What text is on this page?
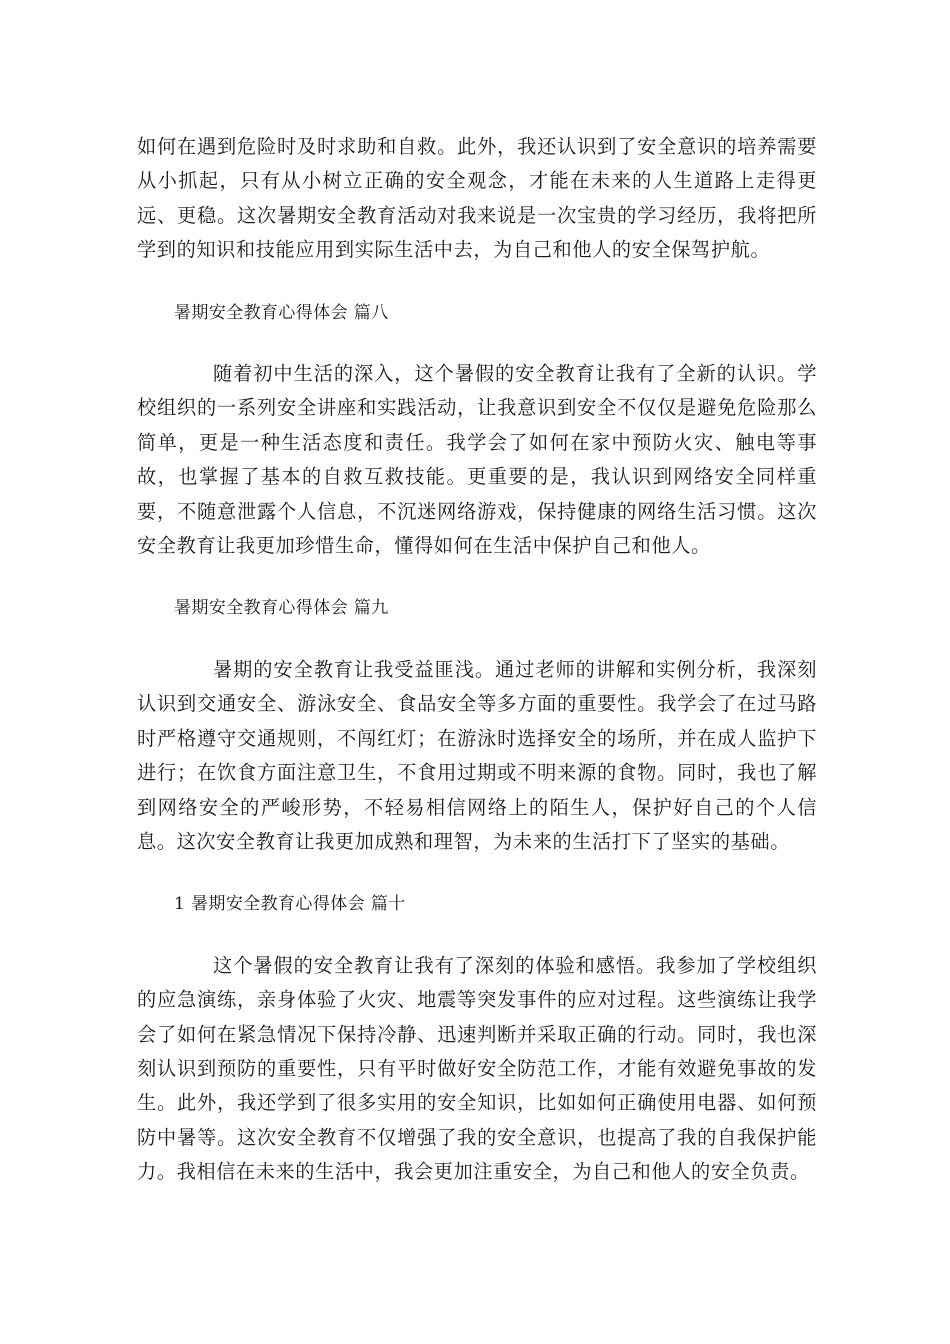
如何在遇到危险时及时求助和自救。此外，我还认识到了安全意识的培养需要从小抓起，只有从小树立正确的安全观念，才能在未来的人生道路上走得更远、更稳。这次暑期安全教育活动对我来说是一次宝贵的学习经历，我将把所学到的知识和技能应用到实际生活中去，为自己和他人的安全保驾护航。

暑期安全教育心得体会 篇八

随着初中生活的深入，这个暑假的安全教育让我有了全新的认识。学校组织的一系列安全讲座和实践活动，让我意识到安全不仅仅是避免危险那么简单，更是一种生活态度和责任。我学会了如何在家中预防火灾、触电等事故，也掌握了基本的自救互救技能。更重要的是，我认识到网络安全同样重要，不随意泄露个人信息，不沉迷网络游戏，保持健康的网络生活习惯。这次安全教育让我更加珍惜生命，懂得如何在生活中保护自己和他人。

暑期安全教育心得体会 篇九

暑期的安全教育让我受益匪浅。通过老师的讲解和实例分析，我深刻认识到交通安全、游泳安全、食品安全等多方面的重要性。我学会了在过马路时严格遵守交通规则，不闯红灯；在游泳时选择安全的场所，并在成人监护下进行；在饮食方面注意卫生，不食用过期或不明来源的食物。同时，我也了解到网络安全的严峻形势，不轻易相信网络上的陌生人，保护好自己的个人信息。这次安全教育让我更加成熟和理智，为未来的生活打下了坚实的基础。

1 暑期安全教育心得体会 篇十

这个暑假的安全教育让我有了深刻的体验和感悟。我参加了学校组织的应急演练，亲身体验了火灾、地震等突发事件的应对过程。这些演练让我学会了如何在紧急情况下保持冷静、迅速判断并采取正确的行动。同时，我也深刻认识到预防的重要性，只有平时做好安全防范工作，才能有效避免事故的发生。此外，我还学到了很多实用的安全知识，比如如何正确使用电器、如何预防中暑等。这次安全教育不仅增强了我的安全意识，也提高了我的自我保护能力。我相信在未来的生活中，我会更加注重安全，为自己和他人的安全负责。
